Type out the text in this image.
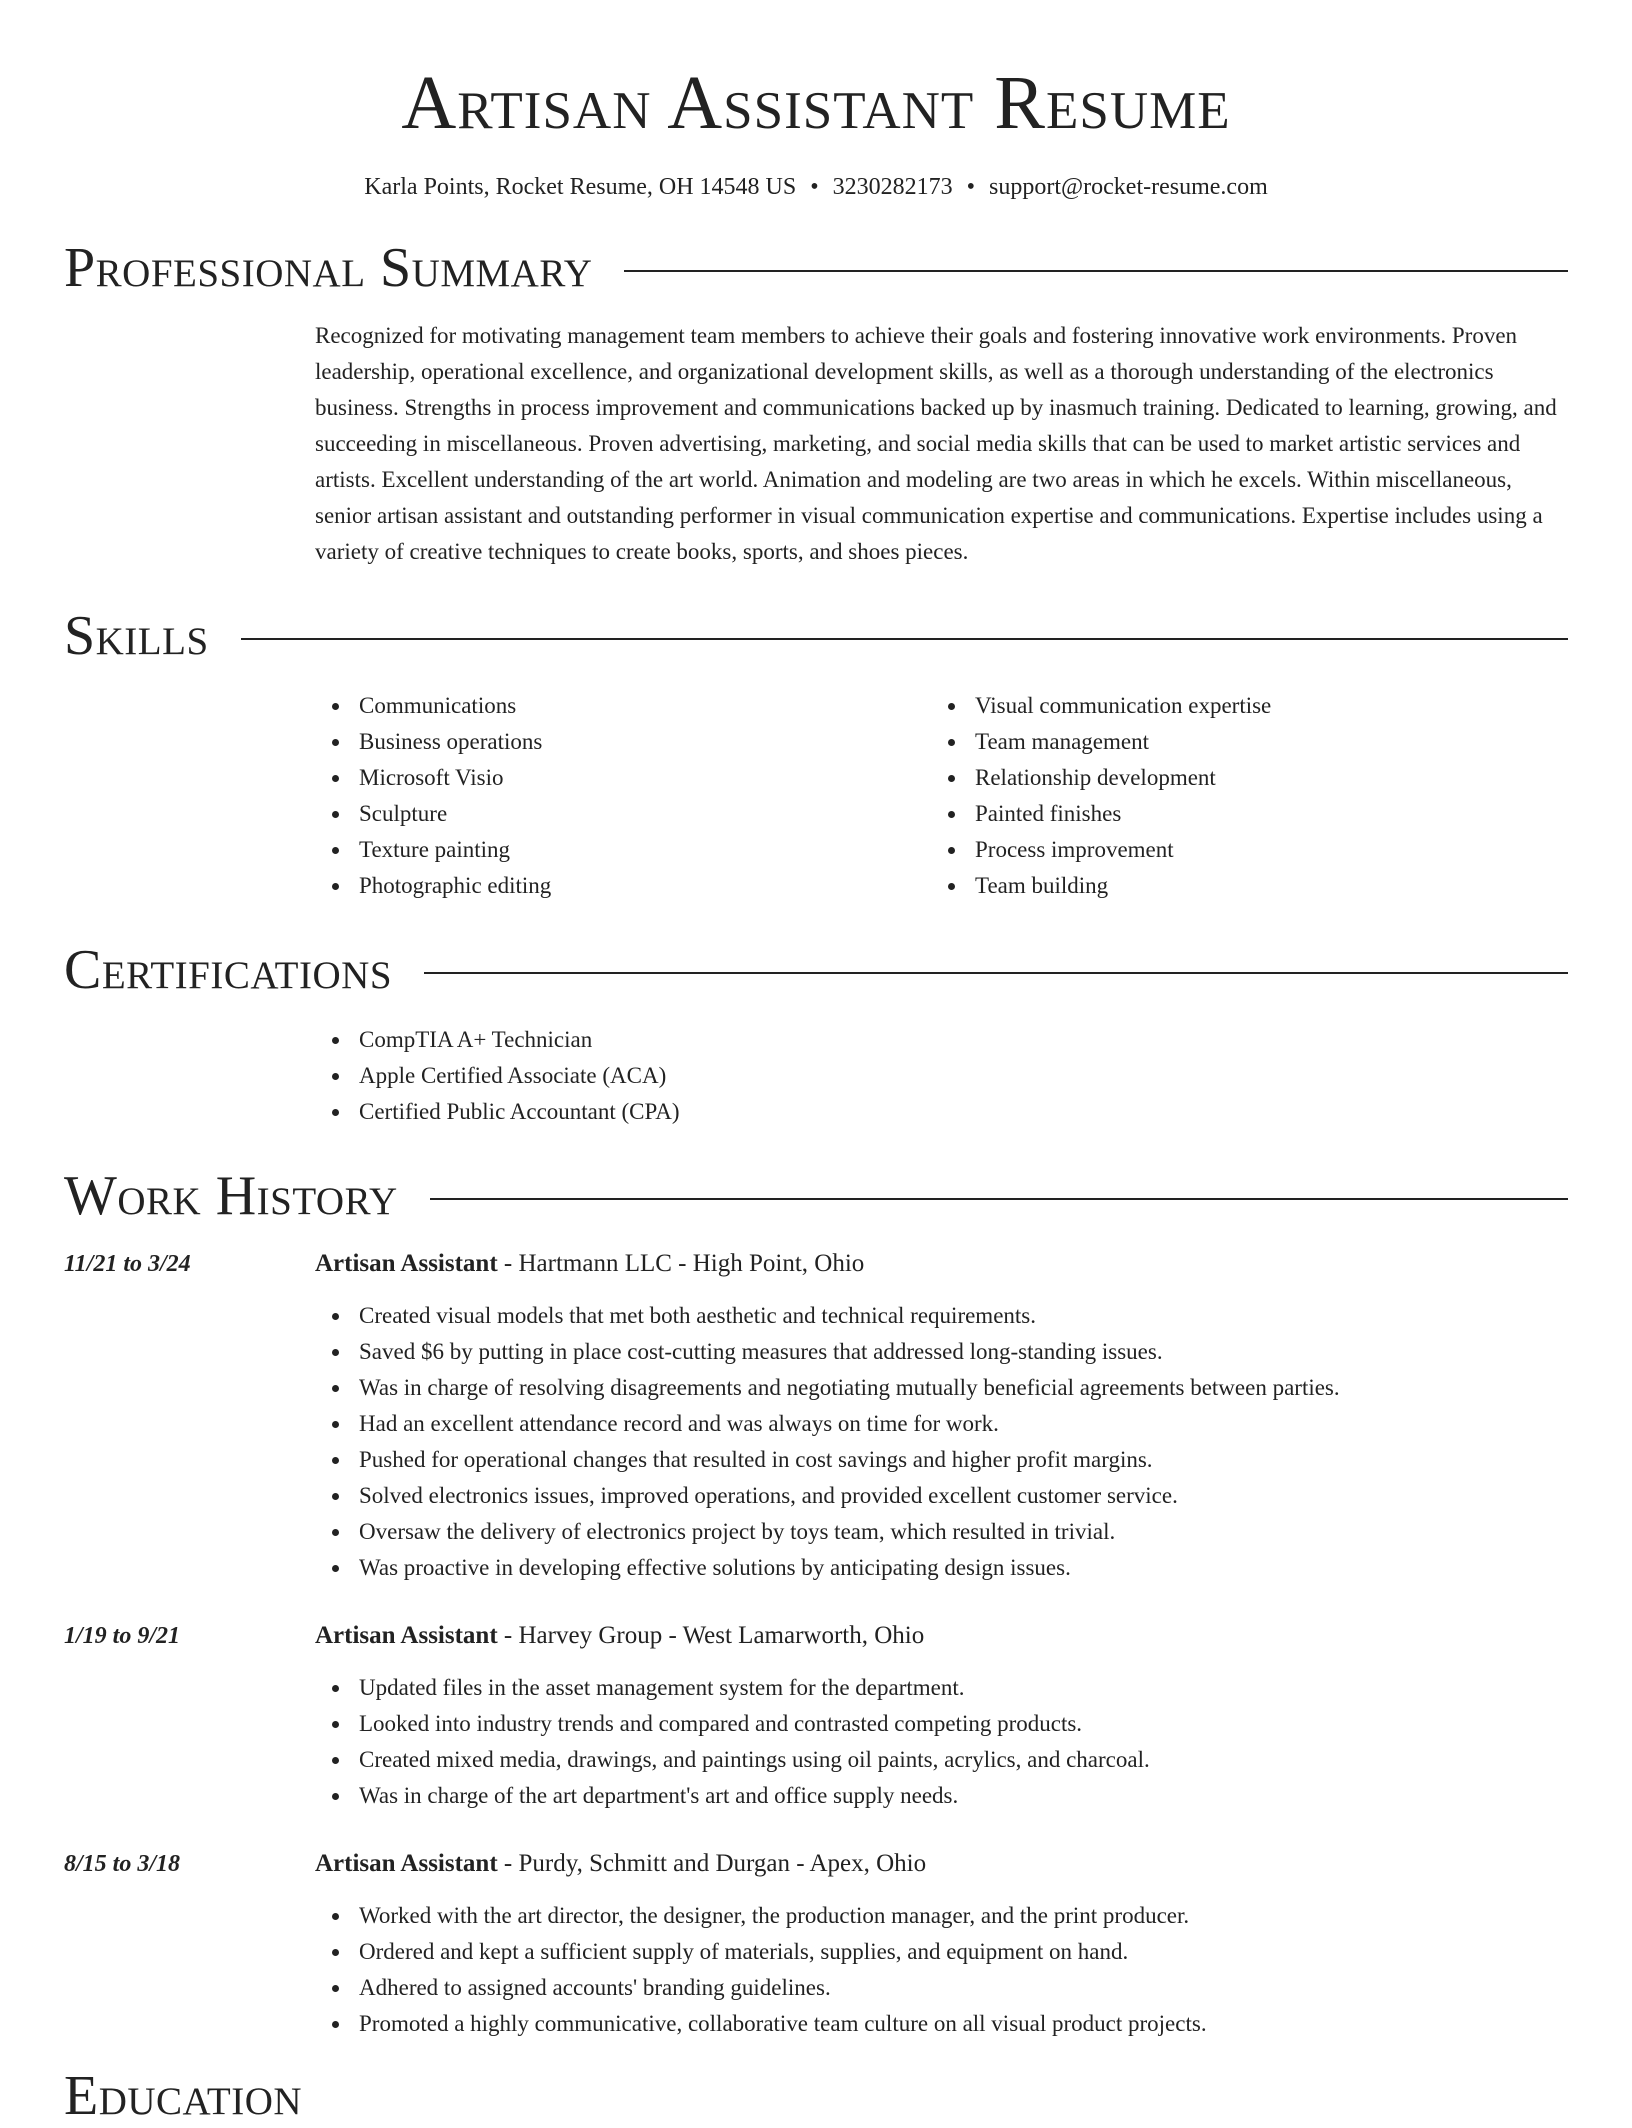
Artisan Assistant Resume
Karla Points, Rocket Resume, OH 14548 US • 3230282173 • support@rocket-resume.com
Professional Summary
Recognized for motivating management team members to achieve their goals and fostering innovative work environments. Proven leadership, operational excellence, and organizational development skills, as well as a thorough understanding of the electronics business. Strengths in process improvement and communications backed up by inasmuch training. Dedicated to learning, growing, and succeeding in miscellaneous. Proven advertising, marketing, and social media skills that can be used to market artistic services and artists. Excellent understanding of the art world. Animation and modeling are two areas in which he excels. Within miscellaneous, senior artisan assistant and outstanding performer in visual communication expertise and communications. Expertise includes using a variety of creative techniques to create books, sports, and shoes pieces.
Skills
Communications
Business operations
Microsoft Visio
Sculpture
Texture painting
Photographic editing
Visual communication expertise
Team management
Relationship development
Painted finishes
Process improvement
Team building
Certifications
CompTIA A+ Technician
Apple Certified Associate (ACA)
Certified Public Accountant (CPA)
Work History
11/21 to 3/24	Artisan Assistant - Hartmann LLC - High Point, Ohio
Created visual models that met both aesthetic and technical requirements.
Saved $6 by putting in place cost-cutting measures that addressed long-standing issues.
Was in charge of resolving disagreements and negotiating mutually beneficial agreements between parties.
Had an excellent attendance record and was always on time for work.
Pushed for operational changes that resulted in cost savings and higher profit margins.
Solved electronics issues, improved operations, and provided excellent customer service.
Oversaw the delivery of electronics project by toys team, which resulted in trivial.
Was proactive in developing effective solutions by anticipating design issues.
1/19 to 9/21	Artisan Assistant - Harvey Group - West Lamarworth, Ohio
Updated files in the asset management system for the department.
Looked into industry trends and compared and contrasted competing products.
Created mixed media, drawings, and paintings using oil paints, acrylics, and charcoal.
Was in charge of the art department's art and office supply needs.
8/15 to 3/18	Artisan Assistant - Purdy, Schmitt and Durgan - Apex, Ohio
Worked with the art director, the designer, the production manager, and the print producer.
Ordered and kept a sufficient supply of materials, supplies, and equipment on hand.
Adhered to assigned accounts' branding guidelines.
Promoted a highly communicative, collaborative team culture on all visual product projects.
Education
